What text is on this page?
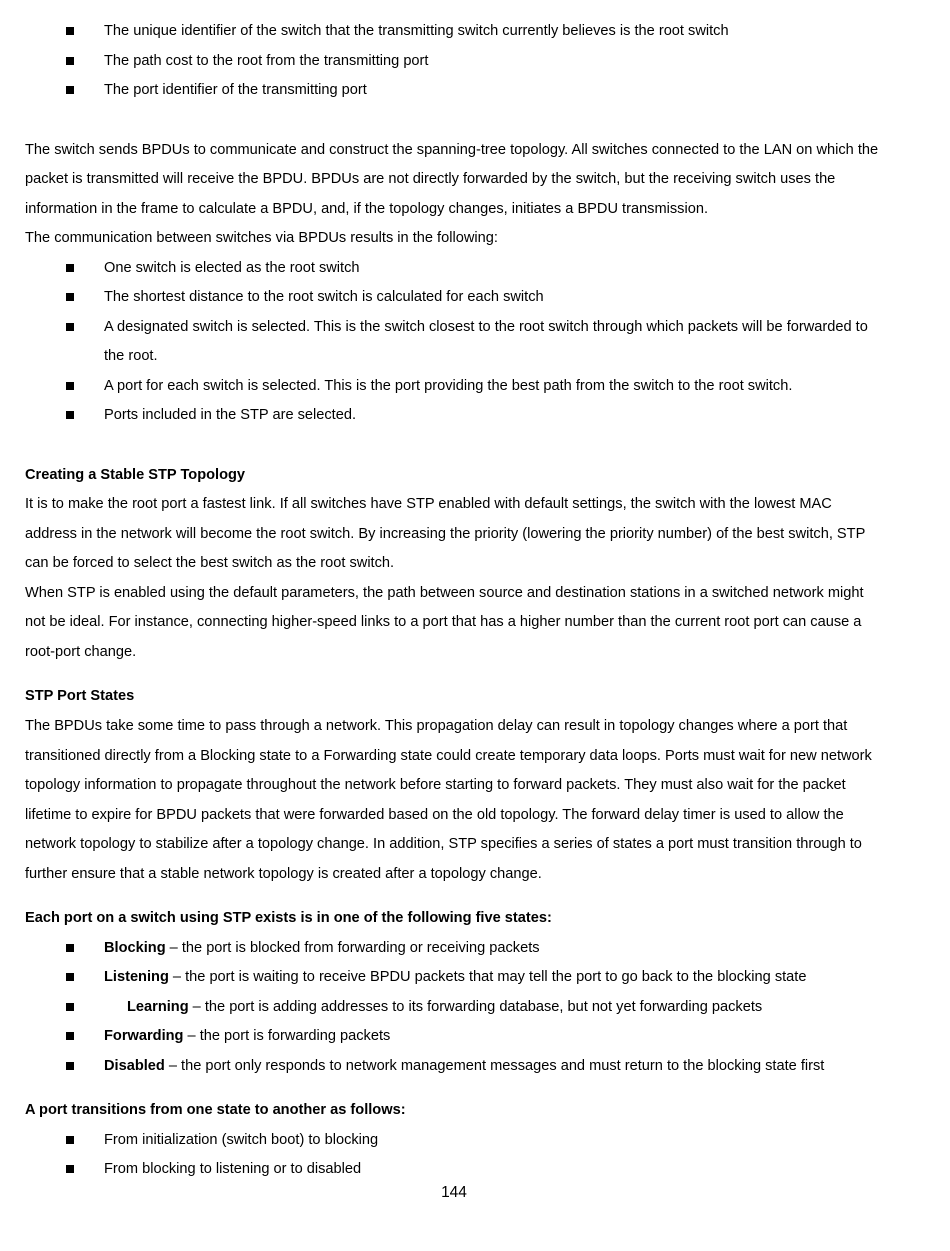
The unique identifier of the switch that the transmitting switch currently believes is the root switch
The path cost to the root from the transmitting port
The port identifier of the transmitting port
The switch sends BPDUs to communicate and construct the spanning-tree topology. All switches connected to the LAN on which the
packet is transmitted will receive the BPDU. BPDUs are not directly forwarded by the switch, but the receiving switch uses the
information in the frame to calculate a BPDU, and, if the topology changes, initiates a BPDU transmission.
The communication between switches via BPDUs results in the following:
One switch is elected as the root switch
The shortest distance to the root switch is calculated for each switch
A designated switch is selected. This is the switch closest to the root switch through which packets will be forwarded to
the root.
A port for each switch is selected. This is the port providing the best path from the switch to the root switch.
Ports included in the STP are selected.
Creating a Stable STP Topology
It is to make the root port a fastest link. If all switches have STP enabled with default settings, the switch with the lowest MAC
address in the network will become the root switch. By increasing the priority (lowering the priority number) of the best switch, STP
can be forced to select the best switch as the root switch.
When STP is enabled using the default parameters, the path between source and destination stations in a switched network might
not be ideal. For instance, connecting higher-speed links to a port that has a higher number than the current root port can cause a
root-port change.
STP Port States
The BPDUs take some time to pass through a network. This propagation delay can result in topology changes where a port that
transitioned directly from a Blocking state to a Forwarding state could create temporary data loops. Ports must wait for new network
topology information to propagate throughout the network before starting to forward packets. They must also wait for the packet
lifetime to expire for BPDU packets that were forwarded based on the old topology. The forward delay timer is used to allow the
network topology to stabilize after a topology change. In addition, STP specifies a series of states a port must transition through to
further ensure that a stable network topology is created after a topology change.
Each port on a switch using STP exists is in one of the following five states:
Blocking – the port is blocked from forwarding or receiving packets
Listening – the port is waiting to receive BPDU packets that may tell the port to go back to the blocking state
Learning – the port is adding addresses to its forwarding database, but not yet forwarding packets
Forwarding – the port is forwarding packets
Disabled – the port only responds to network management messages and must return to the blocking state first
A port transitions from one state to another as follows:
From initialization (switch boot) to blocking
From blocking to listening or to disabled
144
